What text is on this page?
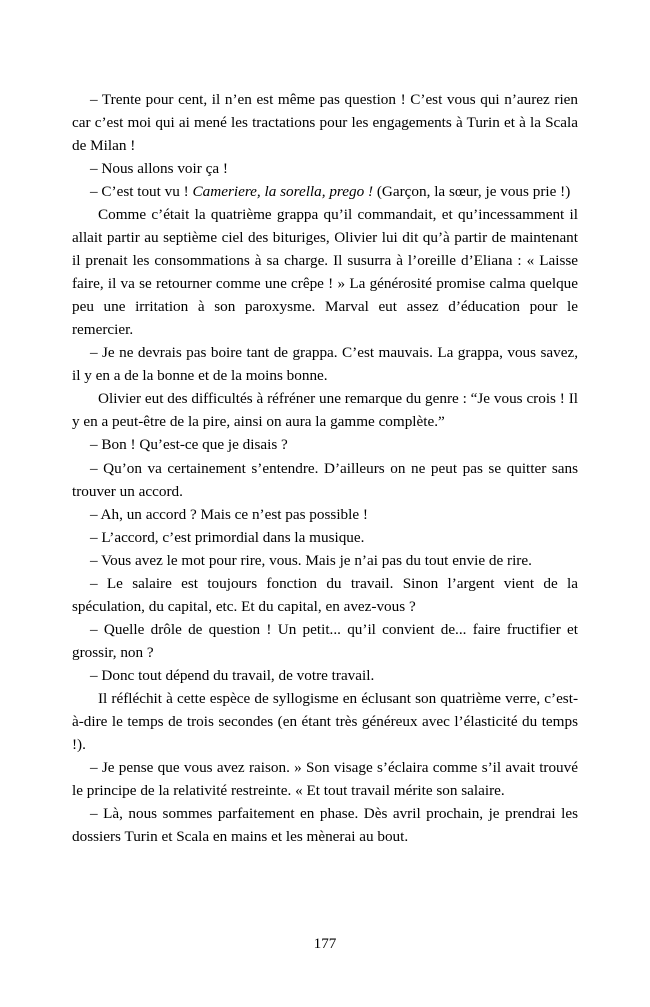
– Trente pour cent, il n’en est même pas question ! C’est vous qui n’aurez rien car c’est moi qui ai mené les tractations pour les engagements à Turin et à la Scala de Milan !

– Nous allons voir ça !

– C’est tout vu ! Cameriere, la sorella, prego ! (Garçon, la sœur, je vous prie !)

Comme c’était la quatrième grappa qu’il commandait, et qu’incessamment il allait partir au septième ciel des bituriges, Olivier lui dit qu’à partir de maintenant il prenait les consommations à sa charge. Il susurra à l’oreille d’Eliana : « Laisse faire, il va se retourner comme une crêpe ! » La générosité promise calma quelque peu une irritation à son paroxysme. Marval eut assez d’éducation pour le remercier.

– Je ne devrais pas boire tant de grappa. C’est mauvais. La grappa, vous savez, il y en a de la bonne et de la moins bonne.

Olivier eut des difficultés à réfréner une remarque du genre : “Je vous crois ! Il y en a peut-être de la pire, ainsi on aura la gamme complète.”

– Bon ! Qu’est-ce que je disais ?

– Qu’on va certainement s’entendre. D’ailleurs on ne peut pas se quitter sans trouver un accord.

– Ah, un accord ? Mais ce n’est pas possible !

– L’accord, c’est primordial dans la musique.

– Vous avez le mot pour rire, vous. Mais je n’ai pas du tout envie de rire.

– Le salaire est toujours fonction du travail. Sinon l’argent vient de la spéculation, du capital, etc. Et du capital, en avez-vous ?

– Quelle drôle de question ! Un petit... qu’il convient de... faire fructifier et grossir, non ?

– Donc tout dépend du travail, de votre travail.

Il réfléchit à cette espèce de syllogisme en éclusant son quatrième verre, c’est-à-dire le temps de trois secondes (en étant très généreux avec l’élasticité du temps !).

– Je pense que vous avez raison. » Son visage s’éclaira comme s’il avait trouvé le principe de la relativité restreinte. « Et tout travail mérite son salaire.

– Là, nous sommes parfaitement en phase. Dès avril prochain, je prendrai les dossiers Turin et Scala en mains et les mènerai au bout.

177
